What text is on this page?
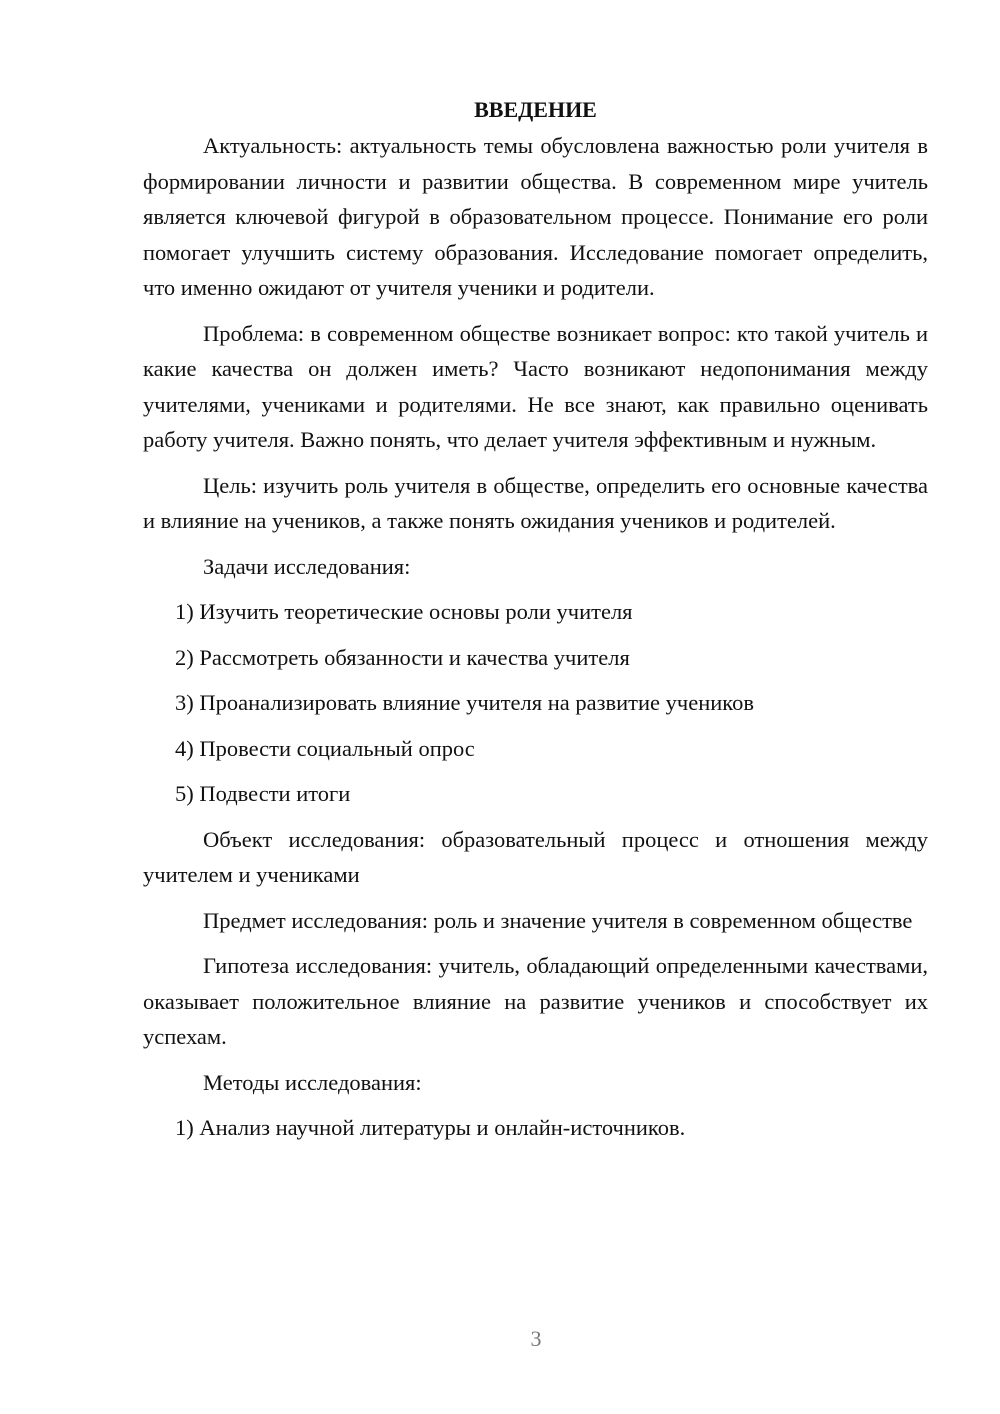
ВВЕДЕНИЕ

Актуальность: актуальность темы обусловлена важностью роли учителя в формировании личности и развитии общества. В современном мире учитель является ключевой фигурой в образовательном процессе. Понимание его роли помогает улучшить систему образования. Исследование помогает определить, что именно ожидают от учителя ученики и родители.

Проблема: в современном обществе возникает вопрос: кто такой учитель и какие качества он должен иметь? Часто возникают недопонимания между учителями, учениками и родителями. Не все знают, как правильно оценивать работу учителя. Важно понять, что делает учителя эффективным и нужным.

Цель: изучить роль учителя в обществе, определить его основные качества и влияние на учеников, а также понять ожидания учеников и родителей.

Задачи исследования:

1) Изучить теоретические основы роли учителя

2) Рассмотреть обязанности и качества учителя

3) Проанализировать влияние учителя на развитие учеников

4) Провести социальный опрос

5) Подвести итоги

Объект исследования: образовательный процесс и отношения между учителем и учениками

Предмет исследования: роль и значение учителя в современном обществе

Гипотеза исследования: учитель, обладающий определенными качествами, оказывает положительное влияние на развитие учеников и способствует их успехам.

Методы исследования:

1) Анализ научной литературы и онлайн-источников.

3
